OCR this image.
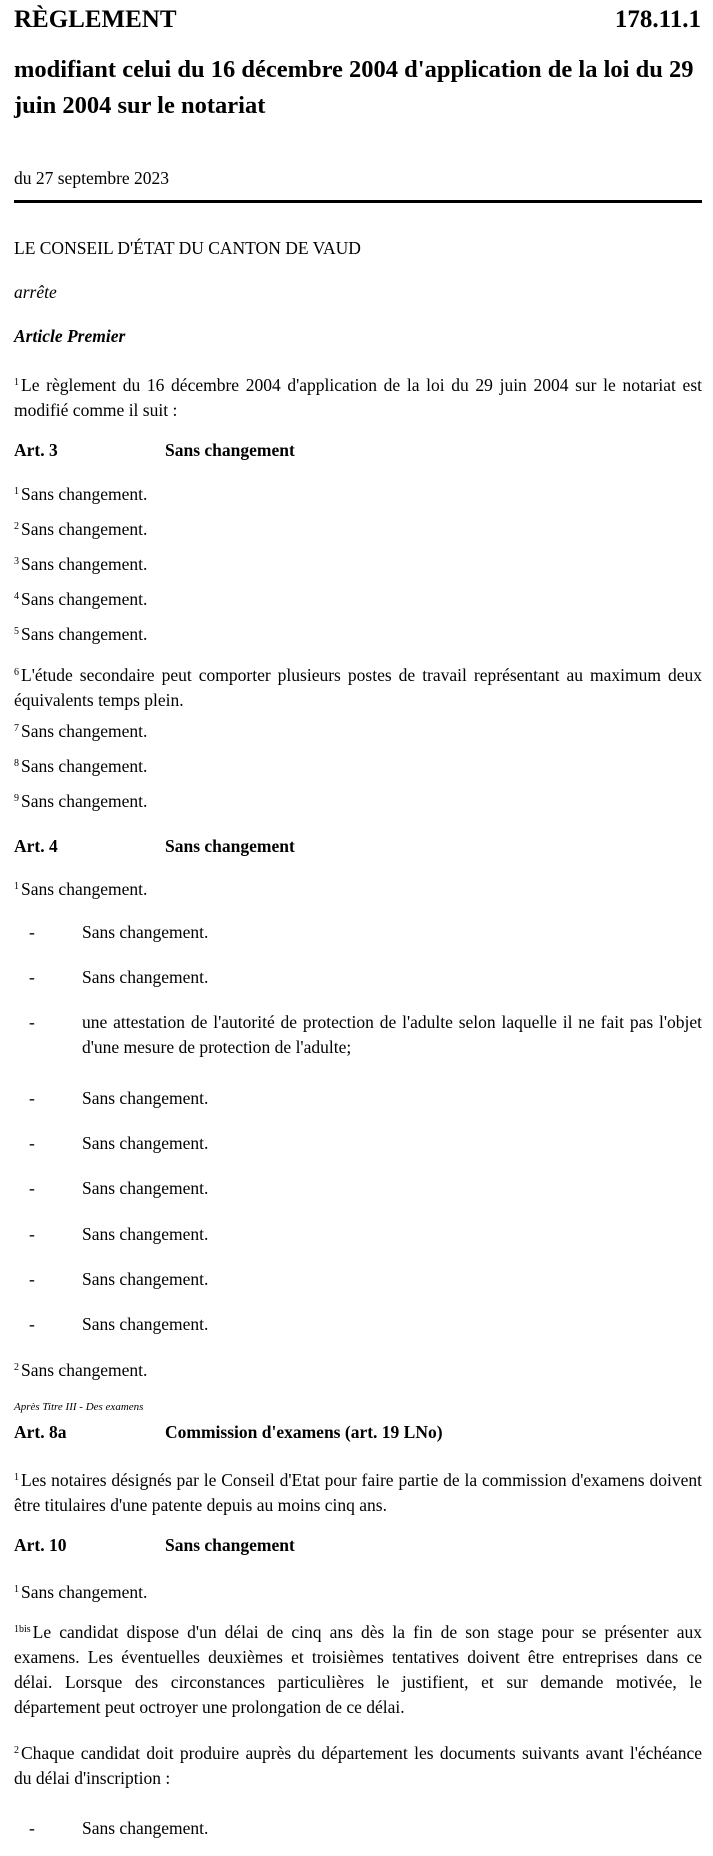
RÈGLEMENT	178.11.1
modifiant celui du 16 décembre 2004 d'application de la loi du 29 juin 2004 sur le notariat
du 27 septembre 2023
LE CONSEIL D'ÉTAT DU CANTON DE VAUD
arrête
Article Premier
$^1$ Le règlement du 16 décembre 2004 d'application de la loi du 29 juin 2004 sur le notariat est modifié comme il suit :
Art. 3	Sans changement
$^1$ Sans changement.
$^2$ Sans changement.
$^3$ Sans changement.
$^4$ Sans changement.
$^5$ Sans changement.
$^6$ L'étude secondaire peut comporter plusieurs postes de travail représentant au maximum deux équivalents temps plein.
$^7$ Sans changement.
$^8$ Sans changement.
$^9$ Sans changement.
Art. 4	Sans changement
$^1$ Sans changement.
-	Sans changement.
-	Sans changement.
-	une attestation de l'autorité de protection de l'adulte selon laquelle il ne fait pas l'objet d'une mesure de protection de l'adulte;
-	Sans changement.
-	Sans changement.
-	Sans changement.
-	Sans changement.
-	Sans changement.
-	Sans changement.
$^2$ Sans changement.
Après Titre III - Des examens
Art. 8a	Commission d'examens (art. 19 LNo)
$^1$ Les notaires désignés par le Conseil d'Etat pour faire partie de la commission d'examens doivent être titulaires d'une patente depuis au moins cinq ans.
Art. 10	Sans changement
$^1$ Sans changement.
$^{1bis}$ Le candidat dispose d'un délai de cinq ans dès la fin de son stage pour se présenter aux examens. Les éventuelles deuxièmes et troisièmes tentatives doivent être entreprises dans ce délai. Lorsque des circonstances particulières le justifient, et sur demande motivée, le département peut octroyer une prolongation de ce délai.
$^2$ Chaque candidat doit produire auprès du département les documents suivants avant l'échéance du délai d'inscription :
-	Sans changement.
